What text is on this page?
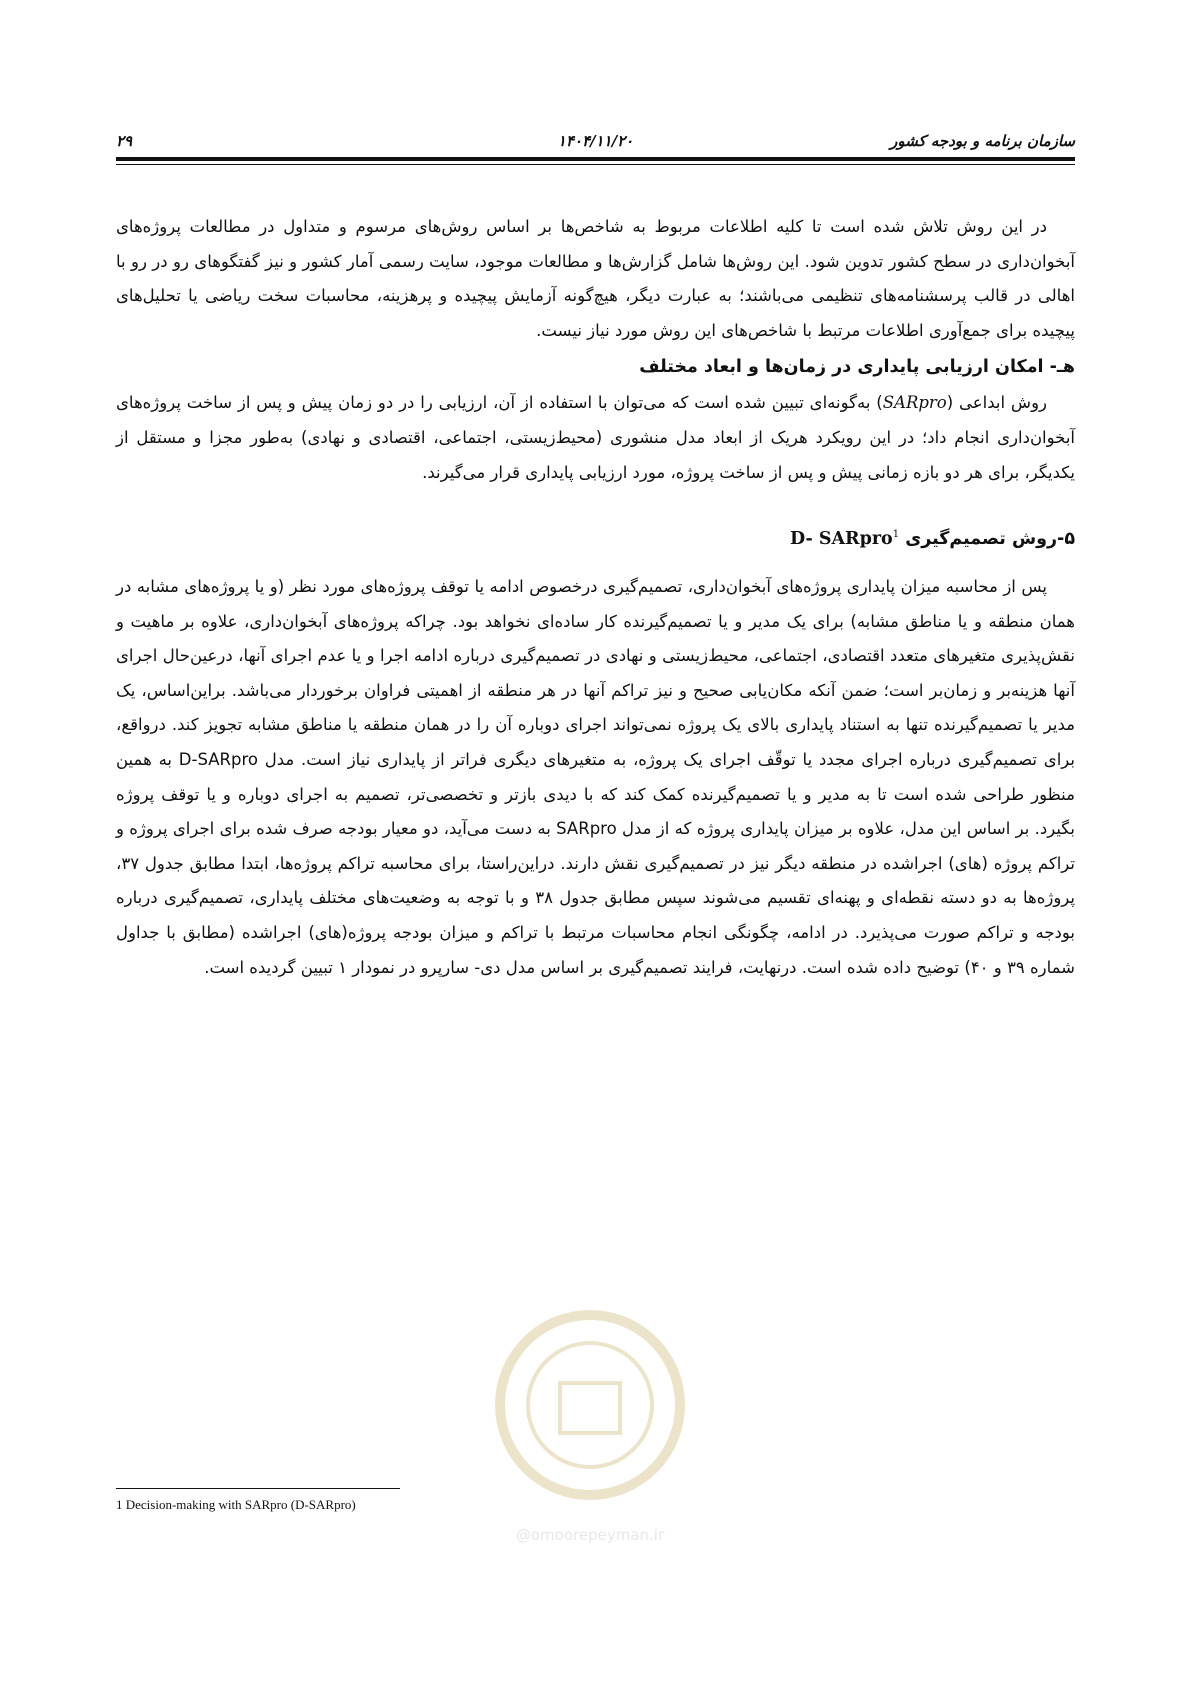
سازمان برنامه و بودجه کشور
۱۴۰۴/۱۱/۲۰
۲۹

در این روش تلاش شده است تا کلیه اطلاعات مربوط به شاخص‌ها بر اساس روش‌های مرسوم و متداول در مطالعات پروژه‌های آبخوان‌داری در سطح کشور تدوین شود. این روش‌ها شامل گزارش‌ها و مطالعات موجود، سایت رسمی آمار کشور و نیز گفتگوهای رو در رو با اهالی در قالب پرسشنامه‌های تنظیمی می‌باشند؛ به عبارت دیگر، هیچ‌گونه آزمایش پیچیده و پرهزینه، محاسبات سخت ریاضی یا تحلیل‌های پیچیده برای جمع‌آوری اطلاعات مرتبط با شاخص‌های این روش مورد نیاز نیست.

هـ- امکان ارزیابی پایداری در زمان‌ها و ابعاد مختلف

روش ابداعی (SARpro) به‌گونه‌ای تبیین شده است که می‌توان با استفاده از آن، ارزیابی را در دو زمان پیش و پس از ساخت پروژه‌های آبخوان‌داری انجام داد؛ در این رویکرد هریک از ابعاد مدل منشوری (محیط‌زیستی، اجتماعی، اقتصادی و نهادی) به‌طور مجزا و مستقل از یکدیگر، برای هر دو بازه زمانی پیش و پس از ساخت پروژه، مورد ارزیابی پایداری قرار می‌گیرند.

۵-روش تصمیم‌گیری D- SARpro$^1$

پس از محاسبه میزان پایداری پروژه‌های آبخوان‌داری، تصمیم‌گیری درخصوص ادامه یا توقف پروژه‌های مورد نظر (و یا پروژه‌های مشابه در همان منطقه و یا مناطق مشابه) برای یک مدیر و یا تصمیم‌گیرنده کار ساده‌ای نخواهد بود. چراکه پروژه‌های آبخوان‌داری، علاوه بر ماهیت و نقش‌پذیری متغیرهای متعدد اقتصادی، اجتماعی، محیط‌زیستی و نهادی در تصمیم‌گیری درباره ادامه اجرا و یا عدم اجرای آنها، درعین‌حال اجرای آنها هزینه‌بر و زمان‌بر است؛ ضمن آنکه مکان‌یابی صحیح و نیز تراکم آنها در هر منطقه از اهمیتی فراوان برخوردار می‌باشد. براین‌اساس، یک مدیر یا تصمیم‌گیرنده تنها به استناد پایداری بالای یک پروژه نمی‌تواند اجرای دوباره آن را در همان منطقه یا مناطق مشابه تجویز کند. درواقع، برای تصمیم‌گیری درباره اجرای مجدد یا توقّف اجرای یک پروژه، به متغیرهای دیگری فراتر از پایداری نیاز است. مدل D-SARpro به همین منظور طراحی شده است تا به مدیر و یا تصمیم‌گیرنده کمک کند که با دیدی بازتر و تخصصی‌تر، تصمیم به اجرای دوباره و یا توقف پروژه بگیرد. بر اساس این مدل، علاوه بر میزان پایداری پروژه که از مدل SARpro به دست می‌آید، دو معیار بودجه صرف شده برای اجرای پروژه و تراکم پروژه (های) اجراشده در منطقه دیگر نیز در تصمیم‌گیری نقش دارند. دراین‌راستا، برای محاسبه تراکم پروژه‌ها، ابتدا مطابق جدول ۳۷، پروژه‌ها به دو دسته نقطه‌ای و پهنه‌ای تقسیم می‌شوند سپس مطابق جدول ۳۸ و با توجه به وضعیت‌های مختلف پایداری، تصمیم‌گیری درباره بودجه و تراکم صورت می‌پذیرد. در ادامه، چگونگی انجام محاسبات مرتبط با تراکم و میزان بودجه پروژه(های) اجراشده (مطابق با جداول شماره ۳۹ و ۴۰) توضیح داده شده است. درنهایت، فرایند تصمیم‌گیری بر اساس مدل دی- سارپرو در نمودار ۱ تبیین گردیده است.

@omoorepeyman.ir
1 Decision-making with SARpro (D-SARpro)
